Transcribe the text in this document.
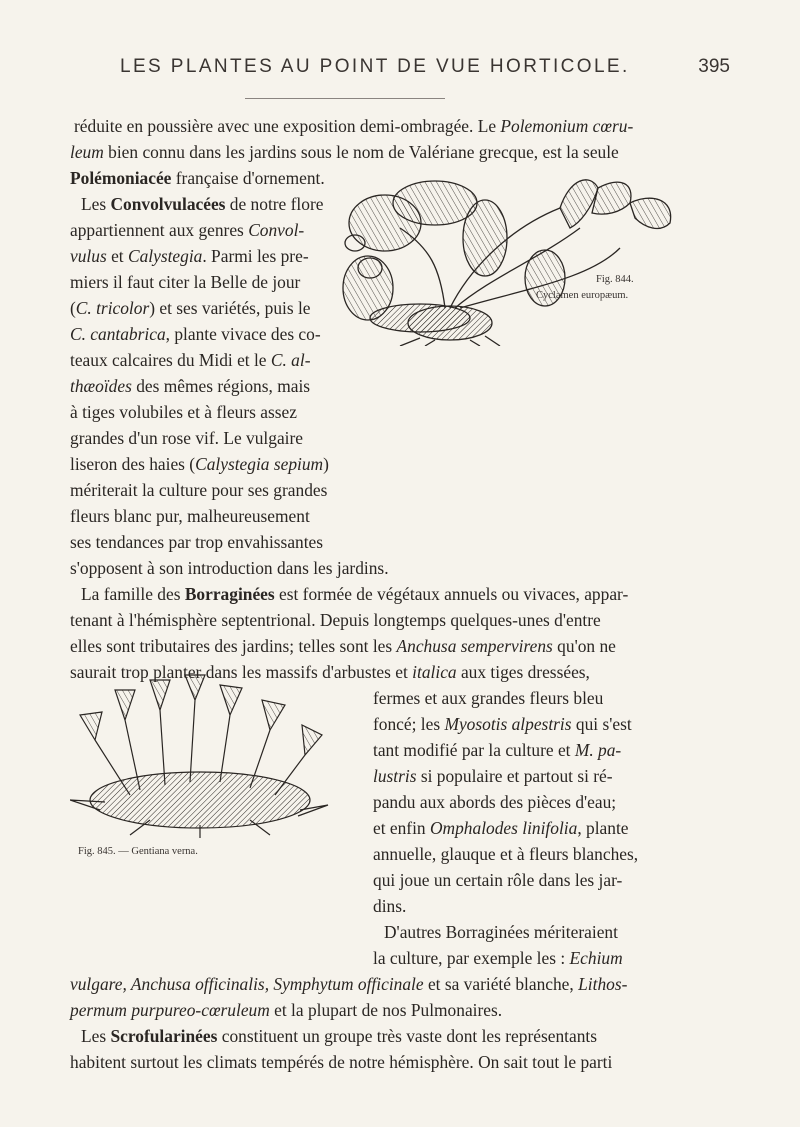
LES PLANTES AU POINT DE VUE HORTICOLE.	395
Fig. 844.
Cyclamen europæum.
Fig. 845. — Gentiana verna.
réduite en poussière avec une exposition demi-ombragée. Le Polemonium cœru-
leum bien connu dans les jardins sous le nom de Valériane grecque, est la seule
Polémoniacée française d'ornement.
Les Convolvulacées de notre flore
appartiennent aux genres Convol-
vulus et Calystegia. Parmi les pre-
miers il faut citer la Belle de jour
(C. tricolor) et ses variétés, puis le
C. cantabrica, plante vivace des co-
teaux calcaires du Midi et le C. al-
thæoïdes des mêmes régions, mais
à tiges volubiles et à fleurs assez
grandes d'un rose vif. Le vulgaire
liseron des haies (Calystegia sepium)
mériterait la culture pour ses grandes
fleurs blanc pur, malheureusement
ses tendances par trop envahissantes
s'opposent à son introduction dans les jardins.
La famille des Borraginées est formée de végétaux annuels ou vivaces, appar-
tenant à l'hémisphère septentrional. Depuis longtemps quelques-unes d'entre
elles sont tributaires des jardins; telles sont les Anchusa sempervirens qu'on ne
saurait trop planter dans les massifs d'arbustes et italica aux tiges dressées,
fermes et aux grandes fleurs bleu
foncé; les Myosotis alpestris qui s'est
tant modifié par la culture et M. pa-
lustris si populaire et partout si ré-
pandu aux abords des pièces d'eau;
et enfin Omphalodes linifolia, plante
annuelle, glauque et à fleurs blanches,
qui joue un certain rôle dans les jar-
dins.
D'autres Borraginées mériteraient
la culture, par exemple les : Echium
vulgare, Anchusa officinalis, Symphytum officinale et sa variété blanche, Lithos-
permum purpureo-cœruleum et la plupart de nos Pulmonaires.
Les Scrofularinées constituent un groupe très vaste dont les représentants
habitent surtout les climats tempérés de notre hémisphère. On sait tout le parti
